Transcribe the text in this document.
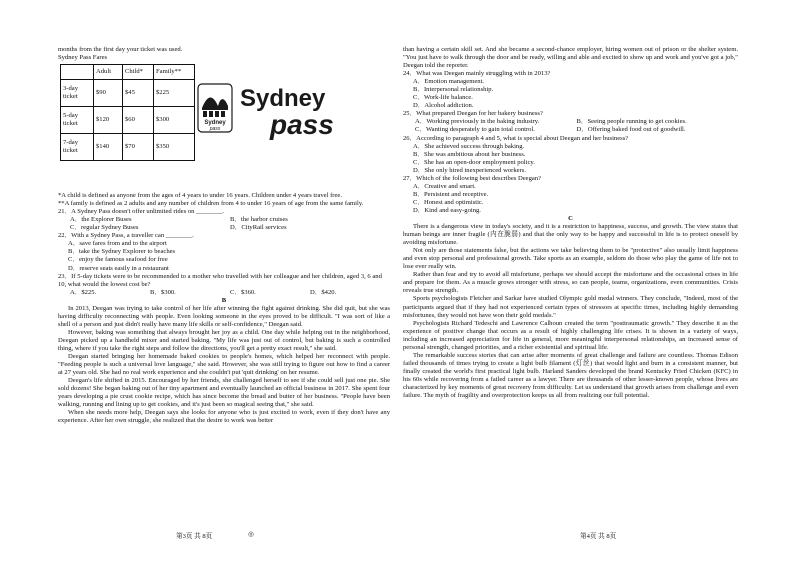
months from the first day your ticket was used.

Sydney Pass Fares

	Adult	Child*	Family**
3-day ticket	$90	$45	$225
5-day ticket	$120	$60	$300
7-day ticket	$140	$70	$350
Sydney
pass
Sydney
pass

*A child is defined as anyone from the ages of 4 years to under 16 years. Children under 4 years travel free.

**A family is defined as 2 adults and any number of children from 4 to under 16 years of age from the same family.

21．A Sydney Pass doesn't offer unlimited rides on ________.

A．the Explorer Buses	B．the harbor cruises
C．regular Sydney Buses	D．CityRail services

22．With a Sydney Pass, a traveller can ________.

A．save fares from and to the airport

B．take the Sydney Explorer to beaches

C．enjoy the famous seafood for free

D．reserve seats easily in a restaurant

23．If 5-day tickets were to be recommended to a mother who travelled with her colleague and her children, aged 3, 6 and 10, what would the lowest cost be?

A．$225.	B．$300.	C．$360.	D．$420.

B

In 2013, Deegan was trying to take control of her life after winning the fight against drinking. She did quit, but she was having difficulty reconnecting with people. Even looking someone in the eyes proved to be difficult. "I was sort of like a shell of a person and just didn't really have many life skills or self-confidence," Deegan said.

However, baking was something that always brought her joy as a child. One day while helping out in the neighborhood, Deegan picked up a handheld mixer and started baking. "My life was just out of control, but baking is such a controlled thing, where if you take the right steps and follow the directions, you'll get a pretty exact result," she said.

Deegan started bringing her homemade baked cookies to people's homes, which helped her reconnect with people. "Feeding people is such a universal love language," she said. However, she was still trying to figure out how to find a career at 27 years old. She had no real work experience and she couldn't put 'quit drinking' on her resume.

Deegan's life shifted in 2015. Encouraged by her friends, she challenged herself to see if she could sell just one pie. She sold dozens! She began baking out of her tiny apartment and eventually launched an official business in 2017. She spent four years developing a pie crust cookie recipe, which has since become the bread and butter of her business. "People have been walking, running and lining up to get cookies, and it's just been so magical seeing that," she said.

When she needs more help, Deegan says she looks for anyone who is just excited to work, even if they don't have any experience. After her own struggle, she realized that the desire to work was better

than having a certain skill set. And she became a second-chance employer, hiring women out of prison or the shelter system. "You just have to walk through the door and be ready, willing and able and excited to show up and work and you've got a job," Deegan told the reporter.

24．What was Deegan mainly struggling with in 2013?

A．Emotion management.

B．Interpersonal relationship.

C．Work-life balance.

D．Alcohol addiction.

25．What prepared Deegan for her bakery business?

A．Working previously in the baking industry.	B．Seeing people running to get cookies.
C．Wanting desperately to gain total control.	D．Offering baked food out of goodwill.

26．According to paragraph 4 and 5, what is special about Deegan and her business?

A．She achieved success through baking.

B．She was ambitious about her business.

C．She has an open-door employment policy.

D．She only hired inexperienced workers.

27．Which of the following best describes Deegan?

A．Creative and smart.

B．Persistent and receptive.

C．Honest and optimistic.

D．Kind and easy-going.

C

There is a dangerous view in today's society, and it is a restriction to happiness, success, and growth. The view states that human beings are inner fragile (内在脆弱) and that the only way to be happy and successful in life is to protect oneself by avoiding misfortune.

Not only are those statements false, but the actions we take believing them to be "protective" also usually limit happiness and even stop personal and professional growth. Take sports as an example, seldom do those who play the game of life not to lose ever really win.

Rather than fear and try to avoid all misfortune, perhaps we should accept the misfortune and the occasional crises in life and prepare for them. As a muscle grows stronger with stress, so can people, teams, organizations, even communities. Crisis reveals true strength.

Sports psychologists Fletcher and Sarkar have studied Olympic gold medal winners. They conclude, "Indeed, most of the participants argued that if they had not experienced certain types of stressors at specific times, including highly demanding misfortunes, they would not have won their gold medals."

Psychologists Richard Tedeschi and Lawrence Calhoun created the term "posttraumatic growth." They describe it as the experience of positive change that occurs as a result of highly challenging life crises. It is shown in a variety of ways, including an increased appreciation for life in general, more meaningful interpersonal relationships, an increased sense of personal strength, changed priorities, and a richer existential and spiritual life.

The remarkable success stories that can arise after moments of great challenge and failure are countless. Thomas Edison failed thousands of times trying to create a light bulb filament (灯丝) that would light and burn in a consistent manner, but finally created the world's first practical light bulb. Harland Sanders developed the brand Kentucky Fried Chicken (KFC) in his 60s while recovering from a failed career as a lawyer. There are thousands of other lesser-known people, whose lives are characterized by key moments of great recovery from difficulty. Let us understand that growth arises from challenge and even failure. The myth of fragility and overprotection keeps us all from realizing our full potential.

第3页 共 8页	◎	第4页 共 8页
